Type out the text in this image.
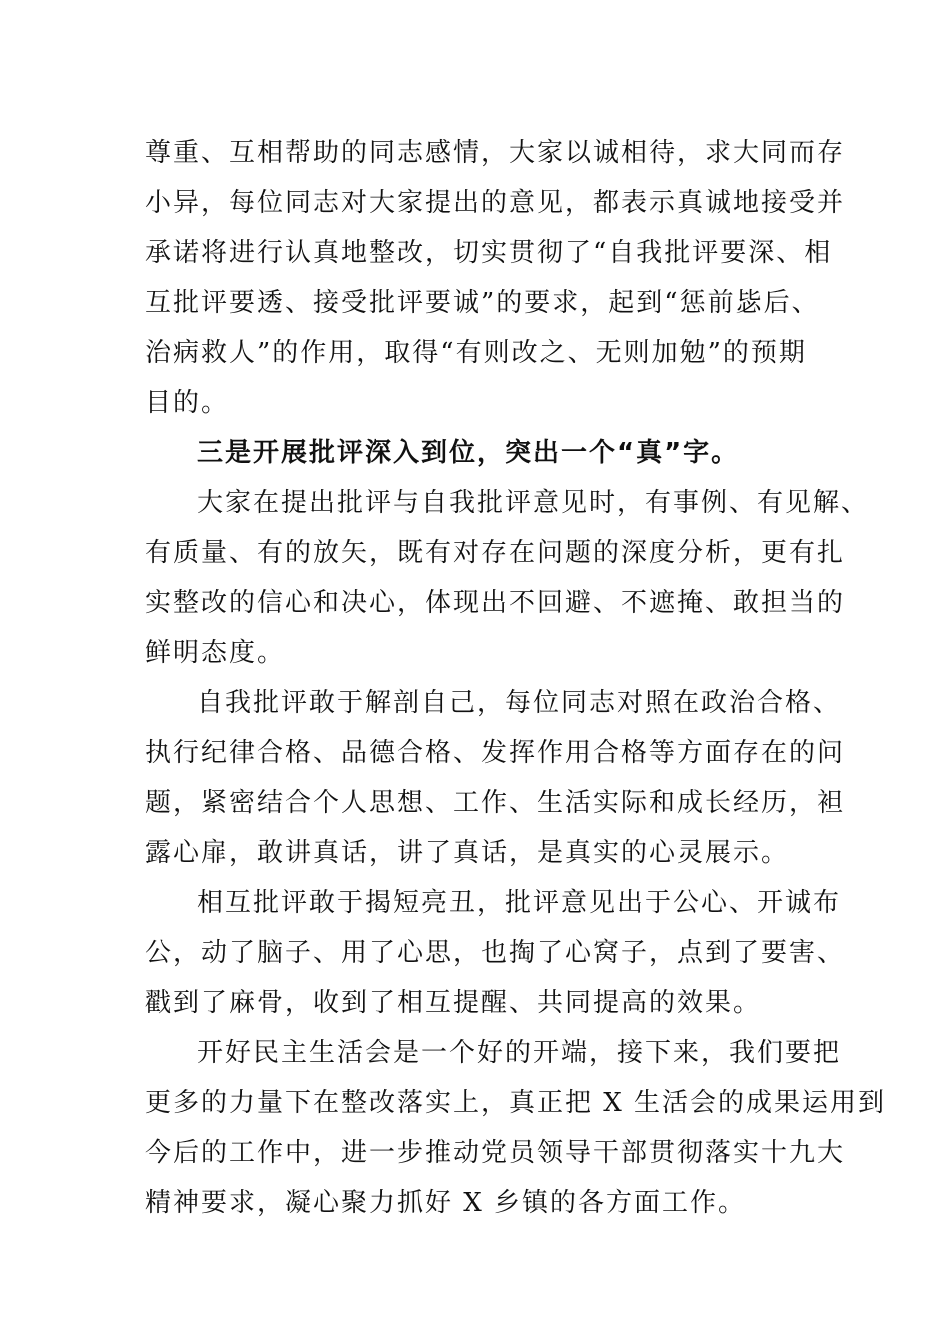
尊重、互相帮助的同志感情，大家以诚相待，求大同而存
小异，每位同志对大家提出的意见，都表示真诚地接受并
承诺将进行认真地整改，切实贯彻了“自我批评要深、相
互批评要透、接受批评要诚”的要求，起到“惩前毖后、
治病救人”的作用，取得“有则改之、无则加勉”的预期
目的。
三是开展批评深入到位，突出一个“真”字。
大家在提出批评与自我批评意见时，有事例、有见解、
有质量、有的放矢，既有对存在问题的深度分析，更有扎
实整改的信心和决心，体现出不回避、不遮掩、敢担当的
鲜明态度。
自我批评敢于解剖自己，每位同志对照在政治合格、
执行纪律合格、品德合格、发挥作用合格等方面存在的问
题，紧密结合个人思想、工作、生活实际和成长经历，袒
露心扉，敢讲真话，讲了真话，是真实的心灵展示。
相互批评敢于揭短亮丑，批评意见出于公心、开诚布
公，动了脑子、用了心思，也掏了心窝子，点到了要害、
戳到了麻骨，收到了相互提醒、共同提高的效果。
开好民主生活会是一个好的开端，接下来，我们要把
更多的力量下在整改落实上，真正把 X 生活会的成果运用到
今后的工作中，进一步推动党员领导干部贯彻落实十九大
精神要求，凝心聚力抓好 X 乡镇的各方面工作。
